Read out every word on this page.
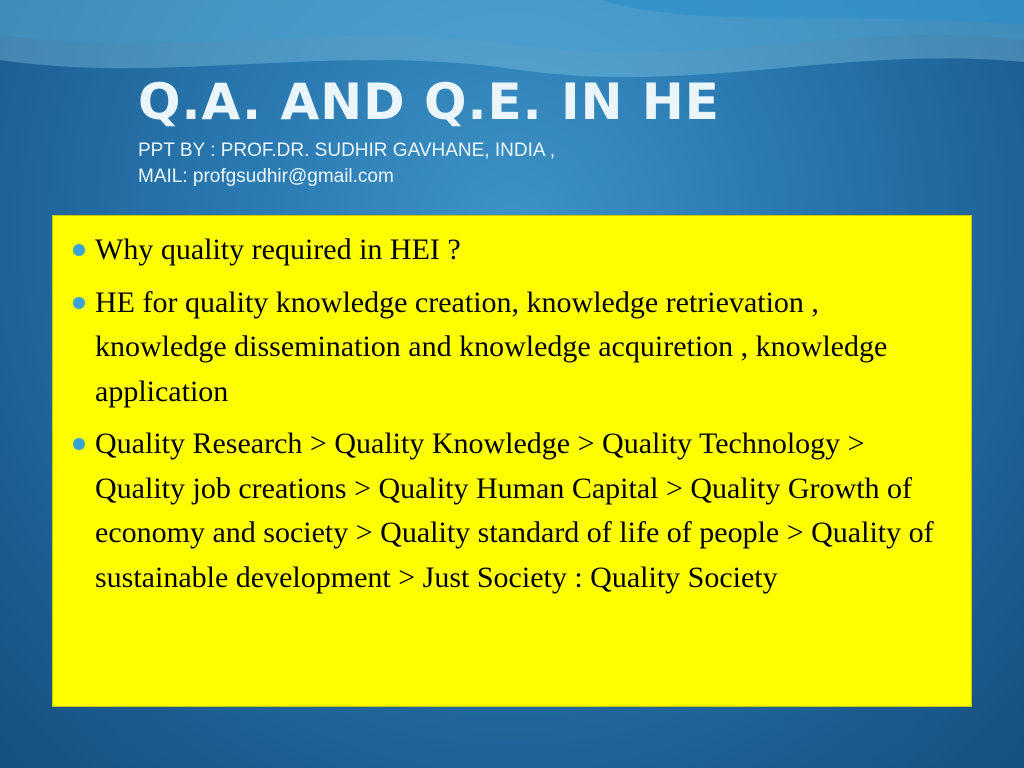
Q.A. AND Q.E. IN HE
PPT BY : PROF.DR. SUDHIR GAVHANE, INDIA ,
MAIL: profgsudhir@gmail.com
Why quality required in HEI ?
HE for quality knowledge creation, knowledge retrievation , knowledge dissemination and knowledge acquiretion , knowledge application
Quality Research > Quality Knowledge > Quality Technology > Quality job creations > Quality Human Capital > Quality Growth of economy and society > Quality standard of life of people > Quality of sustainable development > Just Society : Quality Society
